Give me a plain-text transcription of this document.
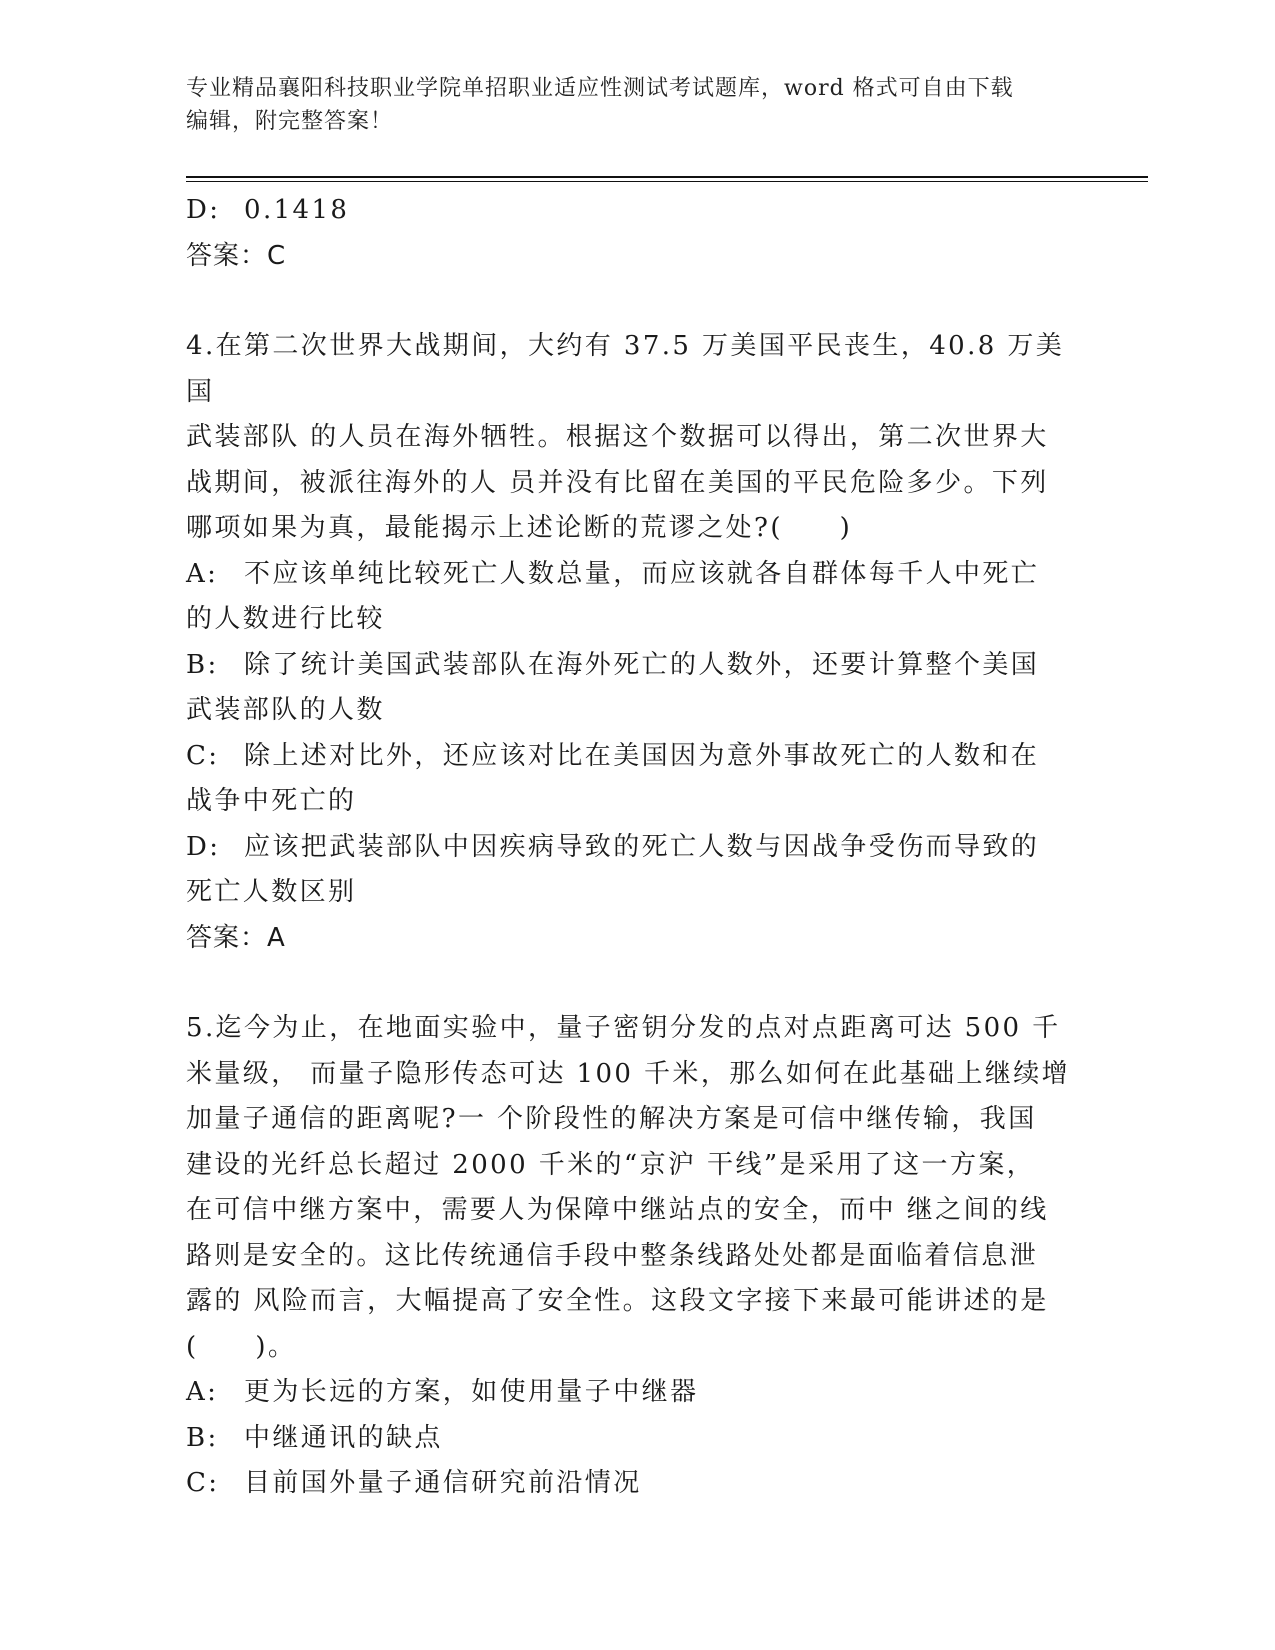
专业精品襄阳科技职业学院单招职业适应性测试考试题库，word 格式可自由下载
编辑，附完整答案！
D: 0.1418

答案：C

4.在第二次世界大战期间，大约有 37.5 万美国平民丧生，40.8 万美国

武装部队 的人员在海外牺牲。根据这个数据可以得出，第二次世界大

战期间，被派往海外的人 员并没有比留在美国的平民危险多少。下列

哪项如果为真，最能揭示上述论断的荒谬之处?(　　)

A: 不应该单纯比较死亡人数总量，而应该就各自群体每千人中死亡

的人数进行比较

B: 除了统计美国武装部队在海外死亡的人数外，还要计算整个美国

武装部队的人数

C: 除上述对比外，还应该对比在美国因为意外事故死亡的人数和在

战争中死亡的

D: 应该把武装部队中因疾病导致的死亡人数与因战争受伤而导致的

死亡人数区别

答案：A

5.迄今为止，在地面实验中，量子密钥分发的点对点距离可达 500 千

米量级， 而量子隐形传态可达 100 千米，那么如何在此基础上继续增

加量子通信的距离呢?一 个阶段性的解决方案是可信中继传输，我国

建设的光纤总长超过 2000 千米的“京沪 干线”是采用了这一方案，

在可信中继方案中，需要人为保障中继站点的安全，而中 继之间的线

路则是安全的。这比传统通信手段中整条线路处处都是面临着信息泄

露的 风险而言，大幅提高了安全性。这段文字接下来最可能讲述的是

(　　)。

A: 更为长远的方案，如使用量子中继器
B: 中继通讯的缺点
C: 目前国外量子通信研究前沿情况
